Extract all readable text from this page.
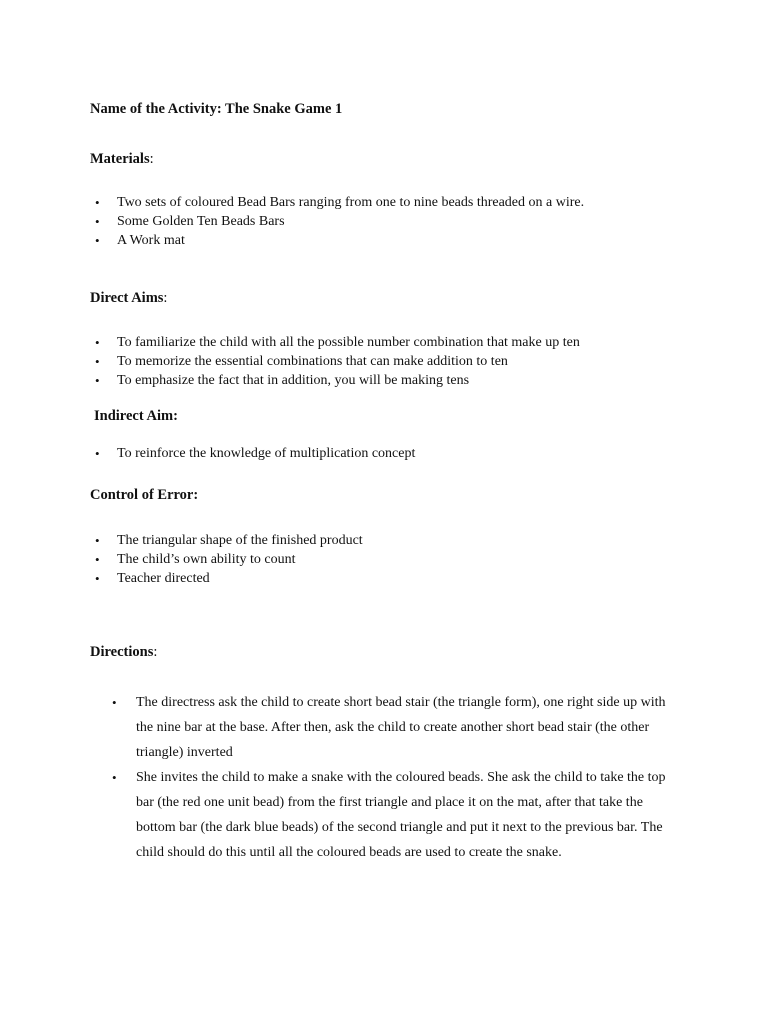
Name of the Activity: The Snake Game 1
Materials:
• Two sets of coloured Bead Bars ranging from one to nine beads threaded on a wire.
• Some Golden Ten Beads Bars
• A Work mat
Direct Aims:
• To familiarize the child with all the possible number combination that make up ten
• To memorize the essential combinations that can make addition to ten
• To emphasize the fact that in addition, you will be making tens
Indirect Aim:
• To reinforce the knowledge of multiplication concept
Control of Error:
• The triangular shape of the finished product
• The child’s own ability to count
• Teacher directed
Directions:
• The directress ask the child to create short bead stair (the triangle form), one right side up with the nine bar at the base. After then, ask the child to create another short bead stair (the other triangle) inverted
• She invites the child to make a snake with the coloured beads. She ask the child to take the top bar (the red one unit bead) from the first triangle and place it on the mat, after that take the bottom bar (the dark blue beads) of the second triangle and put it next to the previous bar. The child should do this until all the coloured beads are used to create the snake.
